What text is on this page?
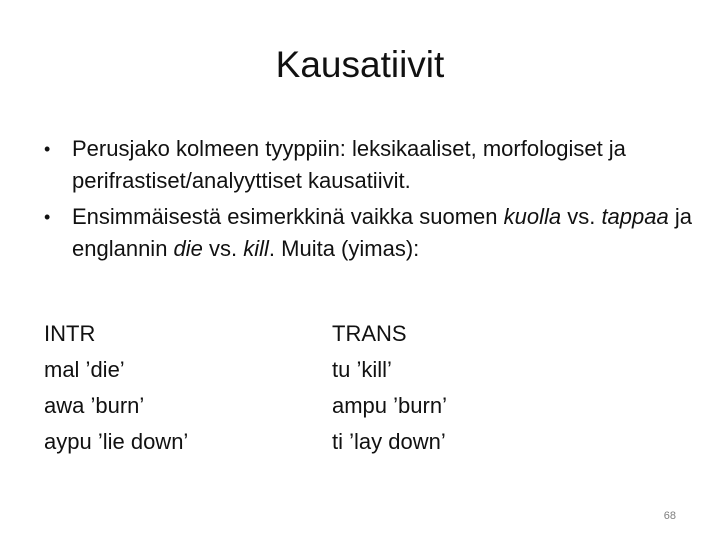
Kausatiivit
• Perusjako kolmeen tyyppiin: leksikaaliset, morfologiset ja perifrastiset/analyyttiset kausatiivit.
• Ensimmäisestä esimerkkinä vaikka suomen kuolla vs. tappaa ja englannin die vs. kill. Muita (yimas):
INTR
mal ’die’
awa ’burn’
aypu ’lie down’
TRANS
tu ’kill’
ampu ’burn’
ti ’lay down’
68
